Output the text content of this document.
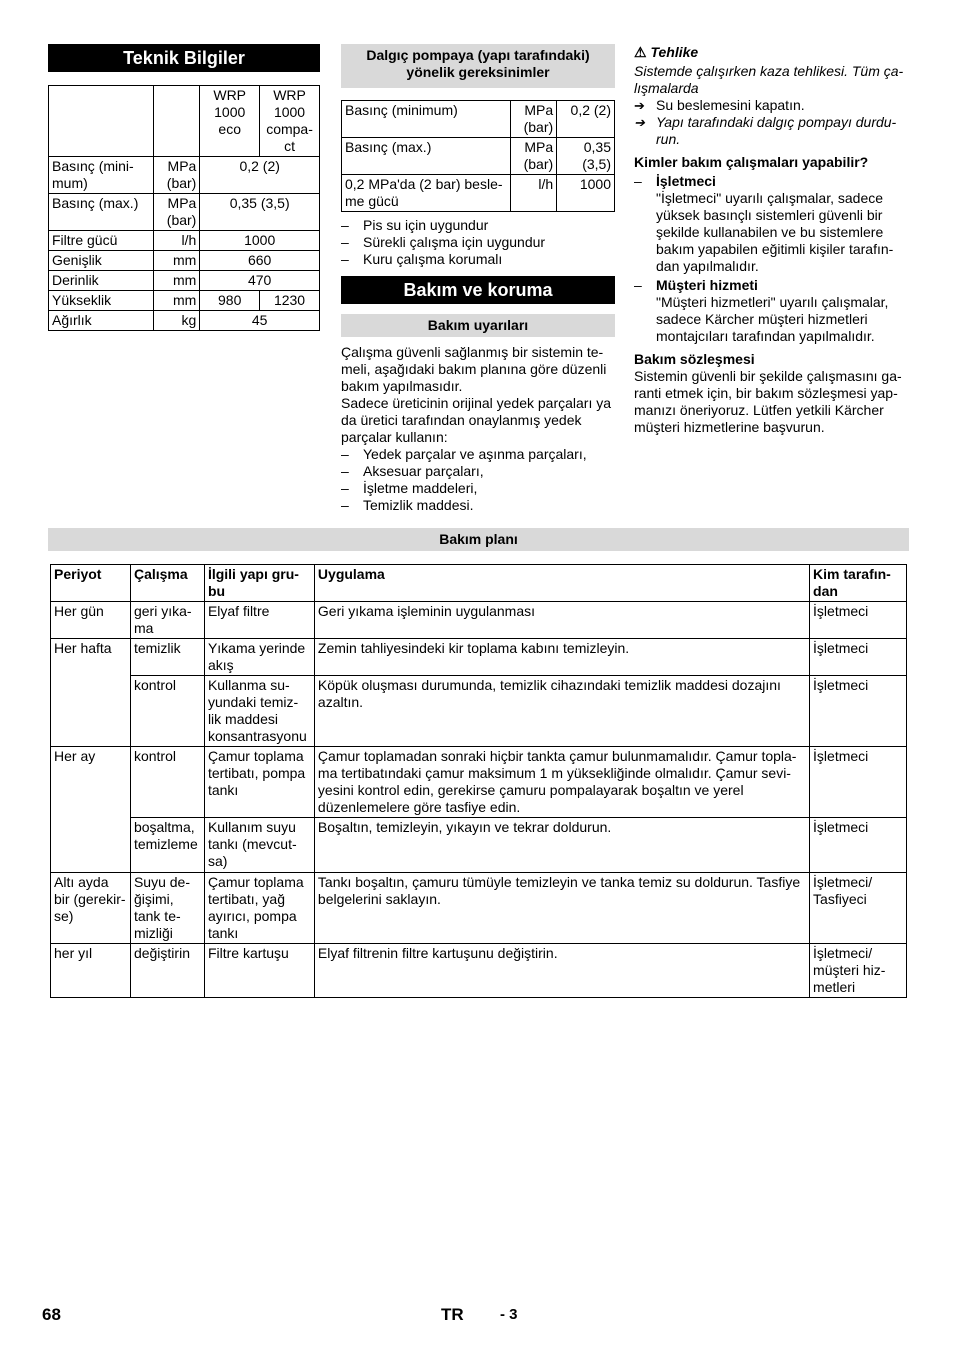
Teknik Bilgiler
		WRP 1000 eco	WRP 1000 compa-ct
Basınç (mini-mum)	MPa (bar)	0,2 (2)	
Basınç (max.)	MPa (bar)	0,35 (3,5)	
Filtre gücü	l/h	1000	
Genişlik	mm	660	
Derinlik	mm	470	
Yükseklik	mm	980	1230
Ağırlık	kg	45	
Dalgıç pompaya (yapı tarafındaki) yönelik gereksinimler
Basınç (minimum)	MPa (bar)	0,2 (2)
Basınç (max.)	MPa (bar)	0,35 (3,5)
0,2 MPa'da (2 bar) besle-me gücü	l/h	1000
– Pis su için uygundur
– Sürekli çalışma için uygundur
– Kuru çalışma korumalı
Bakım ve koruma
Bakım uyarıları

Çalışma güvenli sağlanmış bir sistemin te-meli, aşağıdaki bakım planına göre düzenli bakım yapılmasıdır.

Sadece üreticinin orijinal yedek parçaları ya da üretici tarafından onaylanmış yedek parçalar kullanın:

– Yedek parçalar ve aşınma parçaları,
– Aksesuar parçaları,
– İşletme maddeleri,
– Temizlik maddesi.
⚠ Tehlike

Sistemde çalışırken kaza tehlikesi. Tüm ça-lışmalarda

➔ Su beslemesini kapatın.
➔ Yapı tarafındaki dalgıç pompayı durdu-run.

Kimler bakım çalışmaları yapabilir?

– İşletmeci
"İşletmeci" uyarılı çalışmalar, sadece yüksek basınçlı sistemleri güvenli bir şekilde kullanabilen ve bu sistemlere bakım yapabilen eğitimli kişiler tarafın-dan yapılmalıdır.
– Müşteri hizmeti
"Müşteri hizmetleri" uyarılı çalışmalar, sadece Kärcher müşteri hizmetleri montajcıları tarafından yapılmalıdır.

Bakım sözleşmesi

Sistemin güvenli bir şekilde çalışmasını ga-ranti etmek için, bir bakım sözleşmesi yap-manızı öneriyoruz. Lütfen yetkili Kärcher müşteri hizmetlerine başvurun.

Bakım planı
Periyot	Çalışma	İlgili yapı gru-bu	Uygulama	Kim tarafın-dan
Her gün	geri yıka-ma	Elyaf filtre	Geri yıkama işleminin uygulanması	İşletmeci
Her hafta	temizlik	Yıkama yerinde akış	Zemin tahliyesindeki kir toplama kabını temizleyin.	İşletmeci
	kontrol	Kullanma su-yundaki temiz-lik maddesi konsantrasyonu	Köpük oluşması durumunda, temizlik cihazındaki temizlik maddesi dozajını azaltın.	İşletmeci
Her ay	kontrol	Çamur toplama tertibatı, pompa tankı	Çamur toplamadan sonraki hiçbir tankta çamur bulunmamalıdır. Çamur topla-ma tertibatındaki çamur maksimum 1 m yüksekliğinde olmalıdır. Çamur sevi-yesini kontrol edin, gerekirse çamuru pompalayarak boşaltın ve yerel düzenlemelere göre tasfiye edin.	İşletmeci
	boşaltma, temizleme	Kullanım suyu tankı (mevcut-sa)	Boşaltın, temizleyin, yıkayın ve tekrar doldurun.	İşletmeci
Altı ayda bir (gerekir-se)	Suyu de-ğişimi, tank te-mizliği	Çamur toplama tertibatı, yağ ayırıcı, pompa tankı	Tankı boşaltın, çamuru tümüyle temizleyin ve tanka temiz su doldurun. Tasfiye belgelerini saklayın.	İşletmeci/ Tasfiyeci
her yıl	değiştirin	Filtre kartuşu	Elyaf filtrenin filtre kartuşunu değiştirin.	İşletmeci/ müşteri hiz-metleri
68	TR - 3
